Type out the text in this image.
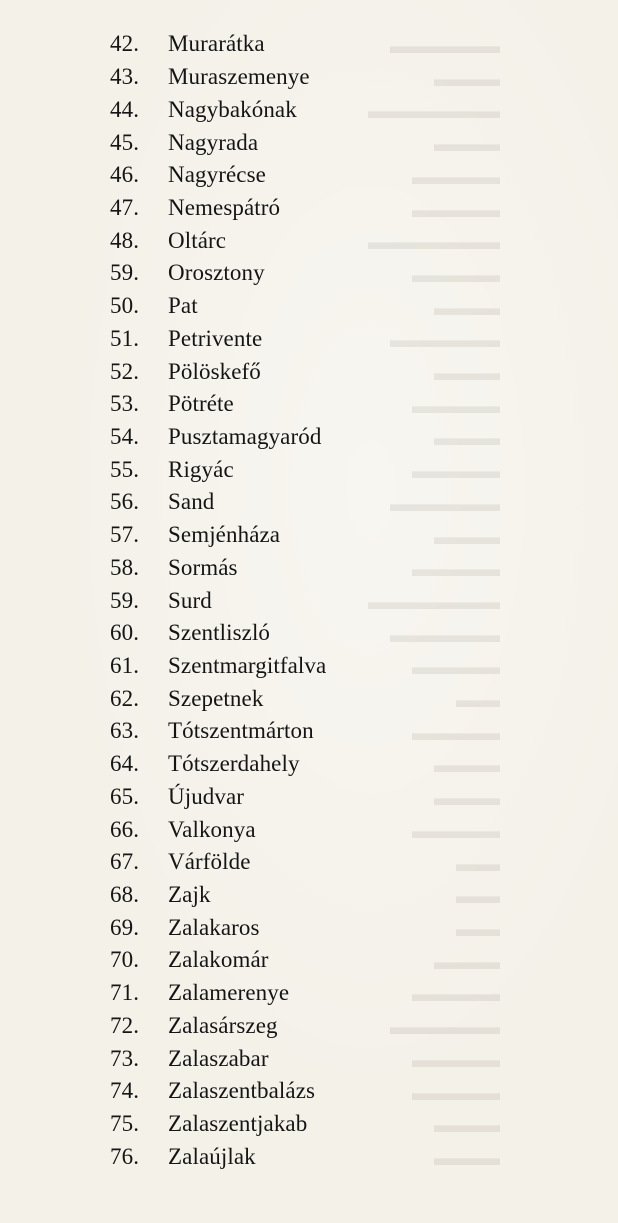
▬▬▬▬▬
▬▬▬
▬▬▬▬▬▬
▬▬▬
▬▬▬▬
▬▬▬▬
▬▬▬▬▬▬
▬▬▬▬
▬▬▬
▬▬▬▬▬
▬▬▬
▬▬▬▬
▬▬▬
▬▬▬▬
▬▬▬▬▬
▬▬▬
▬▬▬▬
▬▬▬▬▬▬
▬▬▬▬▬
▬▬▬▬
▬▬
▬▬▬▬
▬▬▬
▬▬▬
▬▬▬▬
▬▬
▬▬
▬▬
▬▬▬
▬▬▬▬
▬▬▬▬▬
▬▬▬▬
▬▬▬▬
▬▬▬
▬▬▬
42.	Murarátka
43.	Muraszemenye
44.	Nagybakónak
45.	Nagyrada
46.	Nagyrécse
47.	Nemespátró
48.	Oltárc
59.	Orosztony
50.	Pat
51.	Petrivente
52.	Pölöskefő
53.	Pötréte
54.	Pusztamagyaród
55.	Rigyác
56.	Sand
57.	Semjénháza
58.	Sormás
59.	Surd
60.	Szentliszló
61.	Szentmargitfalva
62.	Szepetnek
63.	Tótszentmárton
64.	Tótszerdahely
65.	Újudvar
66.	Valkonya
67.	Várfölde
68.	Zajk
69.	Zalakaros
70.	Zalakomár
71.	Zalamerenye
72.	Zalasárszeg
73.	Zalaszabar
74.	Zalaszentbalázs
75.	Zalaszentjakab
76.	Zalaújlak
